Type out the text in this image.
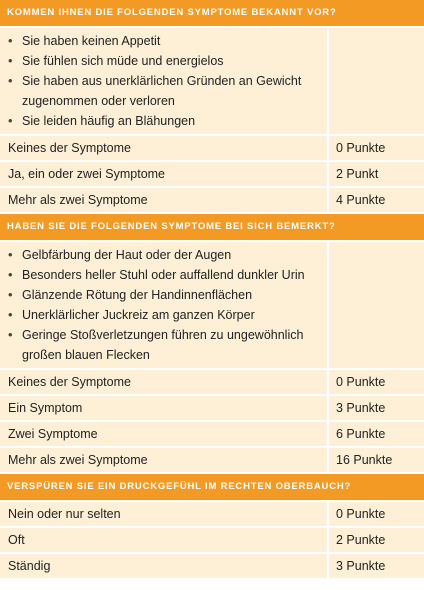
KOMMEN IHNEN DIE FOLGENDEN SYMPTOME BEKANNT VOR?
• Sie haben keinen Appetit
• Sie fühlen sich müde und energielos
• Sie haben aus unerklärlichen Gründen an Gewicht zugenommen oder verloren
• Sie leiden häufig an Blähungen
Keines der Symptome	0 Punkte
Ja, ein oder zwei Symptome	2 Punkt
Mehr als zwei Symptome	4 Punkte
HABEN SIE DIE FOLGENDEN SYMPTOME BEI SICH BEMERKT?
• Gelbfärbung der Haut oder der Augen
• Besonders heller Stuhl oder auffallend dunkler Urin
• Glänzende Rötung der Handinnenflächen
• Unerklärlicher Juckreiz am ganzen Körper
• Geringe Stoßverletzungen führen zu ungewöhnlich großen blauen Flecken
Keines der Symptome	0 Punkte
Ein Symptom	3 Punkte
Zwei Symptome	6 Punkte
Mehr als zwei Symptome	16 Punkte
VERSPÜREN SIE EIN DRUCKGEFÜHL IM RECHTEN OBERBAUCH?
Nein oder nur selten	0 Punkte
Oft	2 Punkte
Ständig	3 Punkte
